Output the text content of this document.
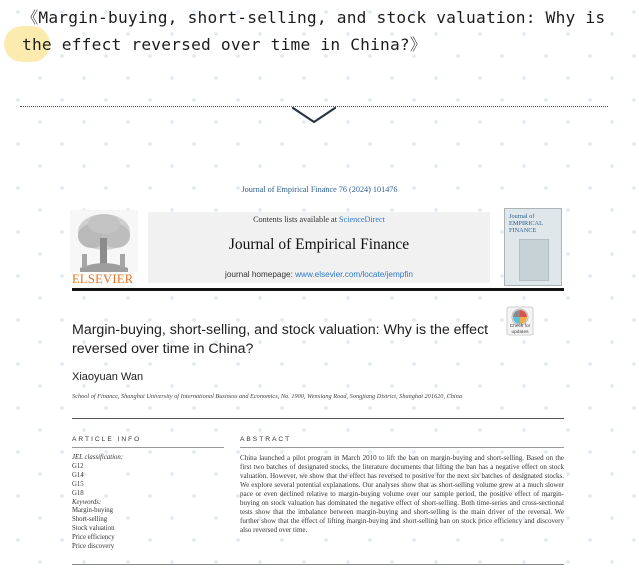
《Margin-buying, short-selling, and stock valuation: Why is the effect reversed over time in China?》
Journal of Empirical Finance 76 (2024) 101476
ELSEVIER
Contents lists available at ScienceDirect
Journal of Empirical Finance
journal homepage: www.elsevier.com/locate/jempfin
Journal of EMPIRICAL FINANCE
Check for updates
Margin-buying, short-selling, and stock valuation: Why is the effect reversed over time in China?
Xiaoyuan Wan
School of Finance, Shanghai University of International Business and Economics, No. 1900, Wenxiang Road, Songjiang District, Shanghai 201620, China
ARTICLE INFO	ABSTRACT
JEL classification:
G12
G14
G15
G18
Keywords:
Margin-buying
Short-selling
Stock valuation
Price efficiency
Price discovery
China launched a pilot program in March 2010 to lift the ban on margin-buying and short-selling. Based on the first two batches of designated stocks, the literature documents that lifting the ban has a negative effect on stock valuation. However, we show that the effect has reversed to positive for the next six batches of designated stocks. We explore several potential explanations. Our analyses show that as short-selling volume grew at a much slower pace or even declined relative to margin-buying volume over our sample period, the positive effect of margin-buying on stock valuation has dominated the negative effect of short-selling. Both time-series and cross-sectional tests show that the imbalance between margin-buying and short-selling is the main driver of the reversal. We further show that the effect of lifting margin-buying and short-selling ban on stock price efficiency and discovery also reversed over time.
